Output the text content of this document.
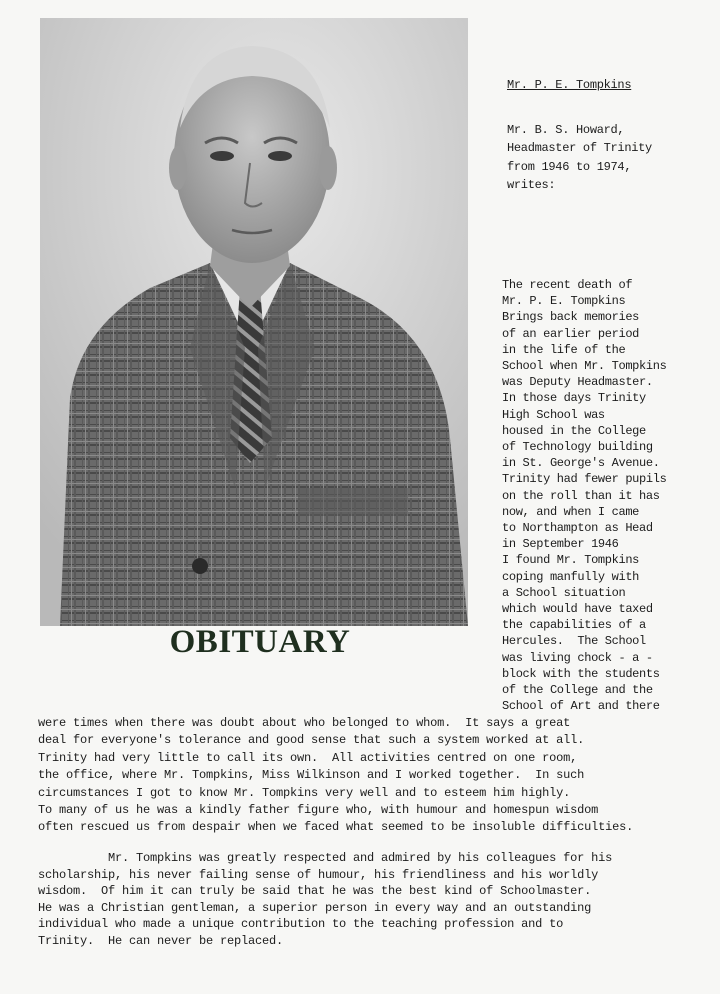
OBITUARY
Mr. P. E. Tompkins
Mr. B. S. Howard,
Headmaster of Trinity
from 1946 to 1974,
writes:
The recent death of
Mr. P. E. Tompkins
Brings back memories
of an earlier period
in the life of the
School when Mr. Tompkins
was Deputy Headmaster.
In those days Trinity
High School was
housed in the College
of Technology building
in St. George's Avenue.
Trinity had fewer pupils
on the roll than it has
now, and when I came
to Northampton as Head
in September 1946
I found Mr. Tompkins
coping manfully with
a School situation
which would have taxed
the capabilities of a
Hercules.  The School
was living chock - a -
block with the students
of the College and the
School of Art and there
were times when there was doubt about who belonged to whom.  It says a great
deal for everyone's tolerance and good sense that such a system worked at all.
Trinity had very little to call its own.  All activities centred on one room,
the office, where Mr. Tompkins, Miss Wilkinson and I worked together.  In such
circumstances I got to know Mr. Tompkins very well and to esteem him highly.
To many of us he was a kindly father figure who, with humour and homespun wisdom
often rescued us from despair when we faced what seemed to be insoluble difficulties.
Mr. Tompkins was greatly respected and admired by his colleagues for his
scholarship, his never failing sense of humour, his friendliness and his worldly
wisdom.  Of him it can truly be said that he was the best kind of Schoolmaster.
He was a Christian gentleman, a superior person in every way and an outstanding
individual who made a unique contribution to the teaching profession and to
Trinity.  He can never be replaced.
